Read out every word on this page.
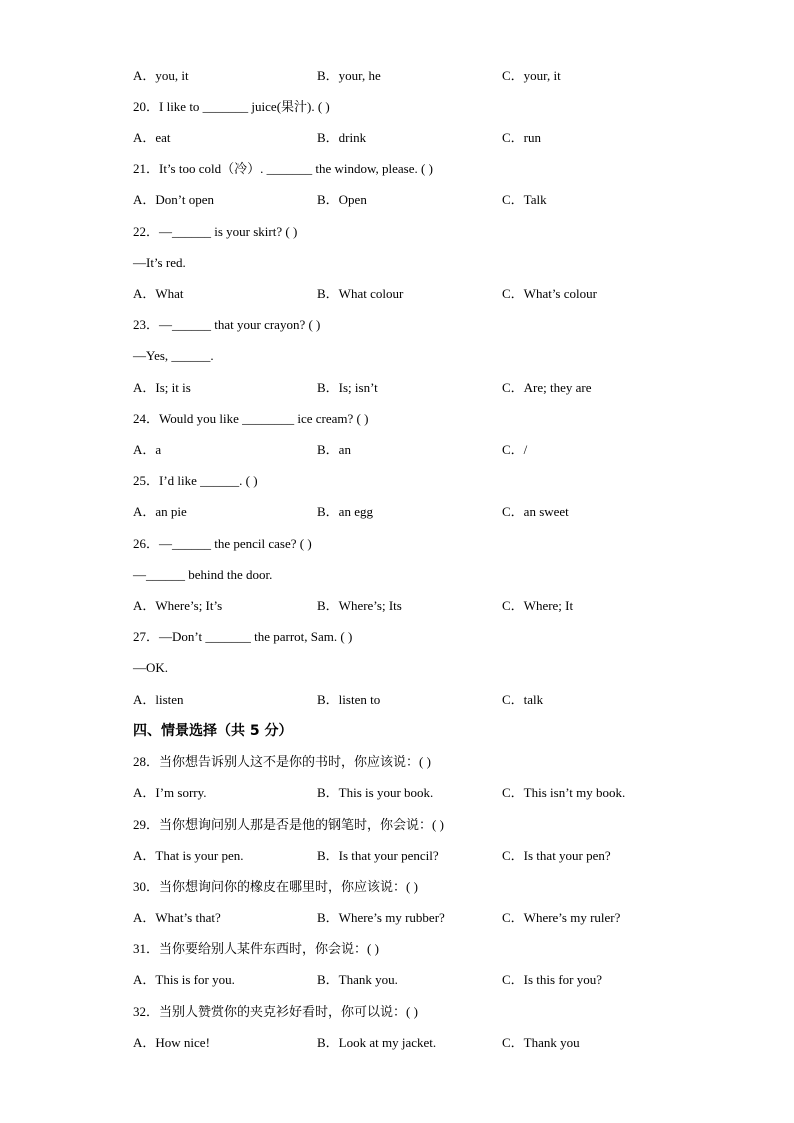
A．you, it	B．your, he	C．your, it
20．I like to _______ juice(果汁). ( )
A．eat	B．drink	C．run
21．It’s too cold（冷）. _______ the window, please. ( )
A．Don’t open	B．Open	C．Talk
22．—______ is your skirt? ( )
—It’s red.
A．What	B．What colour	C．What’s colour
23．—______ that your crayon? ( )
—Yes, ______.
A．Is; it is	B．Is; isn’t	C．Are; they are
24．Would you like ________ ice cream? ( )
A．a	B．an	C．/
25．I’d like ______. ( )
A．an pie	B．an egg	C．an sweet
26．—______ the pencil case? ( )
—______ behind the door.
A．Where’s; It’s	B．Where’s; Its	C．Where; It
27．—Don’t _______ the parrot, Sam. ( )
—OK.
A．listen	B．listen to	C．talk
四、情景选择（共 5 分）
28．当你想告诉别人这不是你的书时，你应该说：( )
A．I’m sorry.	B．This is your book.	C．This isn’t my book.
29．当你想询问别人那是否是他的钢笔时，你会说：( )
A．That is your pen.	B．Is that your pencil?	C．Is that your pen?
30．当你想询问你的橡皮在哪里时，你应该说：( )
A．What’s that?	B．Where’s my rubber?	C．Where’s my ruler?
31．当你要给别人某件东西时，你会说：( )
A．This is for you.	B．Thank you.	C．Is this for you?
32．当别人赞赏你的夹克衫好看时，你可以说：( )
A．How nice!	B．Look at my jacket.	C．Thank you
